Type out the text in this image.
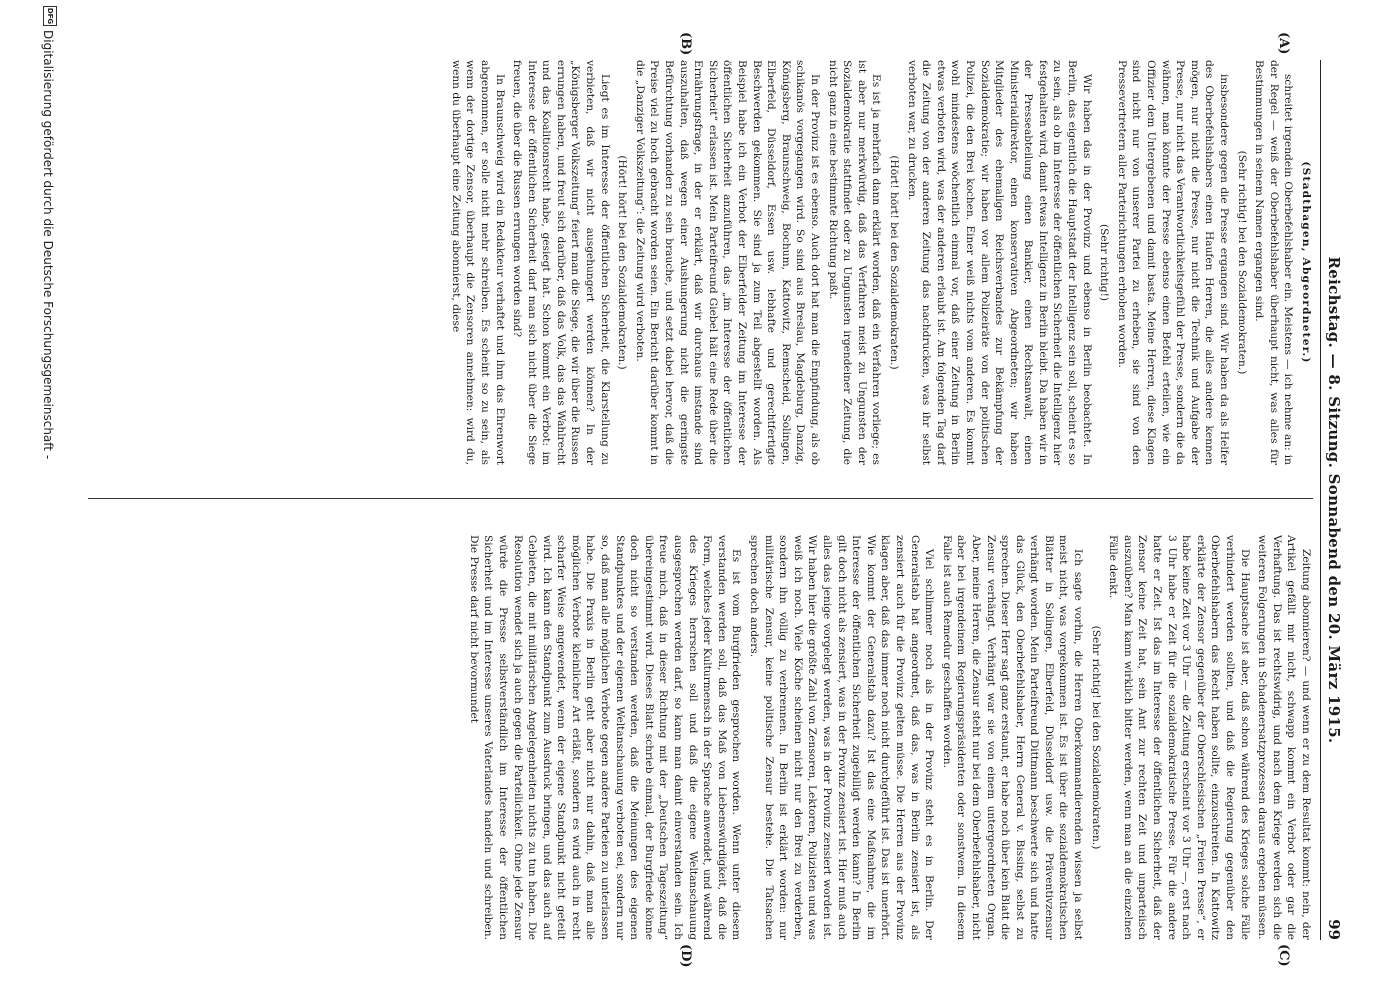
Reichstag. — 8. Sitzung. Sonnabend den 20. März 1915.
99
(A)
(B)
(C)
(D)

(Stadthagen, Abgeordneter.)

schreitet irgendein Oberbefehlshaber ein. Meistens — ich nehme an: in der Regel — weiß der Oberbefehlshaber überhaupt nicht, was alles für Bestimmungen in seinem Namen ergangen sind.

(Sehr richtig! bei den Sozialdemokraten.)

insbesondere gegen die Presse ergangen sind. Wir haben da als Helfer des Oberbefehlshabers einen Haufen Herren, die alles andere kennen mögen, nur nicht die Presse, nur nicht die Technik und Aufgabe der Presse, nur nicht das Verantwortlichkeitsgefühl der Presse, sondern die da wähnen, man könnte der Presse ebenso einen Befehl erteilen, wie ein Offizier dem Untergebenen und damit basta. Meine Herren, diese Klagen sind nicht nur von unserer Partei zu erheben, sie sind von den Pressevertretern aller Parteirichtungen erhoben worden.

(Sehr richtig!)

Wir haben das in der Provinz und ebenso in Berlin beobachtet. In Berlin, das eigentlich die Hauptstadt der Intelligenz sein soll, scheint es so zu sein, als ob im Interesse der öffentlichen Sicherheit die Intelligenz hier festgehalten wird, damit etwas Intelligenz in Berlin bleibt. Da haben wir in der Presseabteilung einen Bankier, einen Rechtsanwalt, einen Ministerialdirektor, einen konservativen Abgeordneten; wir haben Mitglieder des ehemaligen Reichsverbandes zur Bekämpfung der Sozialdemokratie; wir haben vor allem Polizeiräte von der politischen Polizei, die den Brei kochen. Einer weiß nichts vom anderen. Es kommt wohl mindestens wöchentlich einmal vor, daß einer Zeitung in Berlin etwas verboten wird, was der anderen erlaubt ist. Am folgenden Tag darf die Zeitung von der anderen Zeitung das nachdrucken, was ihr selbst verboten war, zu drucken.

(Hört! hört! bei den Sozialdemokraten.)

Es ist ja mehrfach dann erklärt worden, daß ein Verfahren vorliege; es ist aber nur merkwürdig, daß das Verfahren meist zu Ungunsten der Sozialdemokratie stattfindet oder zu Ungunsten irgendeiner Zeitung, die nicht ganz in eine bestimmte Richtung paßt.

In der Provinz ist es ebenso. Auch dort hat man die Empfindung, als ob schikanös vorgegangen wird. So sind aus Breslau, Magdeburg, Danzig, Königsberg, Braunschweig, Bochum, Kattowitz, Remscheid, Solingen, Elberfeld, Düsseldorf, Essen usw. lebhafte und gerechtfertigte Beschwerden gekommen. Sie sind ja zum Teil abgestellt worden. Als Beispiel habe ich ein Verbot der Elberfelder Zeitung im Interesse der öffentlichen Sicherheit anzuführen, das „im Interesse der öffentlichen Sicherheit“ erlassen ist. Mein Parteifreund Giebel hält eine Rede über die Ernährungsfrage, in der er erklärt, daß wir durchaus imstande sind auszuhalten, daß wegen einer Aushungerung nicht die geringste Befürchtung vorhanden zu sein brauche, und setzt dabei hervor, daß die Preise viel zu hoch gebracht worden seien. Ein Bericht darüber kommt in die „Danziger Volkszeitung“: die Zeitung wird verboten.

(Hört! hört! bei den Sozialdemokraten.)

Liegt es im Interesse der öffentlichen Sicherheit, die Klarstellung zu verbieten, daß wir nicht ausgehungert werden können? In der „Königsberger Volkszeitung“ feiert man die Siege, die wir über die Russen errungen haben, und freut sich darüber, daß das Volk, das das Wahlrecht und das Koalitionsrecht habe, gesiegt hat. Schon kommt ein Verbot: im Interesse der öffentlichen Sicherheit darf man sich nicht über die Siege freuen, die über die Russen errungen worden sind?

In Braunschweig wird ein Redakteur verhaftet und ihm das Ehrenwort abgenommen, er solle nicht mehr schreiben. Es scheint so zu sein, als wenn der dortige Zensor, überhaupt die Zensoren annehmen: wird du, wenn du überhaupt eine Zeitung abonnierst, diese

Zeitung abonnieren? — und wenn er zu dem Resultat kommt: nein, der Artikel gefällt mir nicht, schwapp kommt ein Verbot oder gar die Verhaftung. Das ist rechtswidrig, und nach dem Kriege werden sich die weiteren Folgerungen in Schadenersatzprozessen daraus ergeben müssen.

Die Hauptsache ist aber, daß schon während des Krieges solche Fälle verhindert werden sollten, und daß die Regierung gegenüber den Oberbefehlshabern das Recht haben sollte, einzuschreiten. In Kattowitz erklärte der Zensor gegenüber der Oberschlesischen „Freien Presse“, er habe keine Zeit vor 3 Uhr — die Zeitung erscheint vor 3 Uhr —, erst nach 3 Uhr habe er Zeit für die sozialdemokratische Presse. Für die andere hatte er Zeit. Ist das im Interesse der öffentlichen Sicherheit, daß der Zensor keine Zeit hat, sein Amt zur rechten Zeit und unparteiisch auszuüben? Man kann wirklich bitter werden, wenn man an die einzelnen Fälle denkt.

(Sehr richtig! bei den Sozialdemokraten.)

Ich sagte vorhin, die Herren Oberkommandierenden wissen ja selbst meist nicht, was vorgekommen ist. Es ist über die sozialdemokratischen Blätter in Solingen, Elberfeld, Düsseldorf usw. die Präventivzensur verhängt worden. Mein Parteifreund Dittmann beschwerte sich und hatte das Glück, den Oberbefehlshaber, Herrn General v. Bissing, selbst zu sprechen. Dieser Herr sagt ganz erstaunt, er habe noch über kein Blatt die Zensur verhängt. Verhängt war sie von einem untergeordneten Organ. Aber, meine Herren, die Zensur steht nur bei dem Oberbefehlshaber, nicht aber bei irgendeinem Regierungspräsidenten oder sonstwem. In diesem Falle ist auch Remedur geschaffen worden.

Viel schlimmer noch als in der Provinz steht es in Berlin. Der Generalstab hat angeordnet, daß das, was in Berlin zensiert ist, als zensiert auch für die Provinz gelten müsse. Die Herren aus der Provinz klagen aber, daß das immer noch nicht durchgeführt ist. Das ist unerhört. Wie kommt der Generalstab dazu? Ist das eine Maßnahme, die im Interesse der öffentlichen Sicherheit zugebilligt werden kann? In Berlin gilt doch nicht als zensiert, was in der Provinz zensiert ist. Hier muß auch alles das jenige vorgelegt werden, was in der Provinz zensiert worden ist. Wir haben hier die größte Zahl von Zensoren, Lektoren, Polizisten und was weiß ich noch. Viele Köche scheinen nicht nur den Brei zu verderben, sondern ihn völlig zu verbrennen. In Berlin ist erklärt worden: nur militärische Zensur, keine politische Zensur bestehe. Die Tatsachen sprechen doch anders.

Es ist vom Burgfrieden gesprochen worden. Wenn unter diesem verstanden werden soll, daß das Maß von Liebenswürdigkeit, daß die Form, welches jeder Kulturmensch in der Sprache anwendet, und während des Krieges herrschen soll und daß die eigene Weltanschauung ausgesprochen werden darf, so kann man damit einverstanden sein. Ich freue mich, daß in dieser Richtung mit der „Deutschen Tageszeitung“ übereingestimmt wird. Dieses Blatt schrieb einmal, der Burgfriede könne doch nicht so verstanden werden, daß die Meinungen des eigenen Standpunktes und der eigenen Weltanschauung verboten sei, sondern nur so, daß man alle möglichen Verbote gegen andere Parteien zu unterlassen habe. Die Praxis in Berlin geht aber nicht nur dahin, daß man alle möglichen Verbote kleinlicher Art erläßt, sondern es wird auch in recht scharfer Weise angewendet, wenn der eigene Standpunkt nicht geteilt wird. Ich kann den Standpunkt zum Ausdruck bringen, und das auch auf Gebieten, die mit militärischen Angelegenheiten nichts zu tun haben. Die Resolution wendet sich ja auch gegen die Parteilichkeit. Ohne jede Zensur würde die Presse selbstverständlich im Interesse der öffentlichen Sicherheit und im Interesse unseres Vaterlandes handeln und schreiben. Die Presse darf nicht bevormundet

Digitalisierung gefördert durch die Deutsche Forschungsgemeinschaft -
DFG
